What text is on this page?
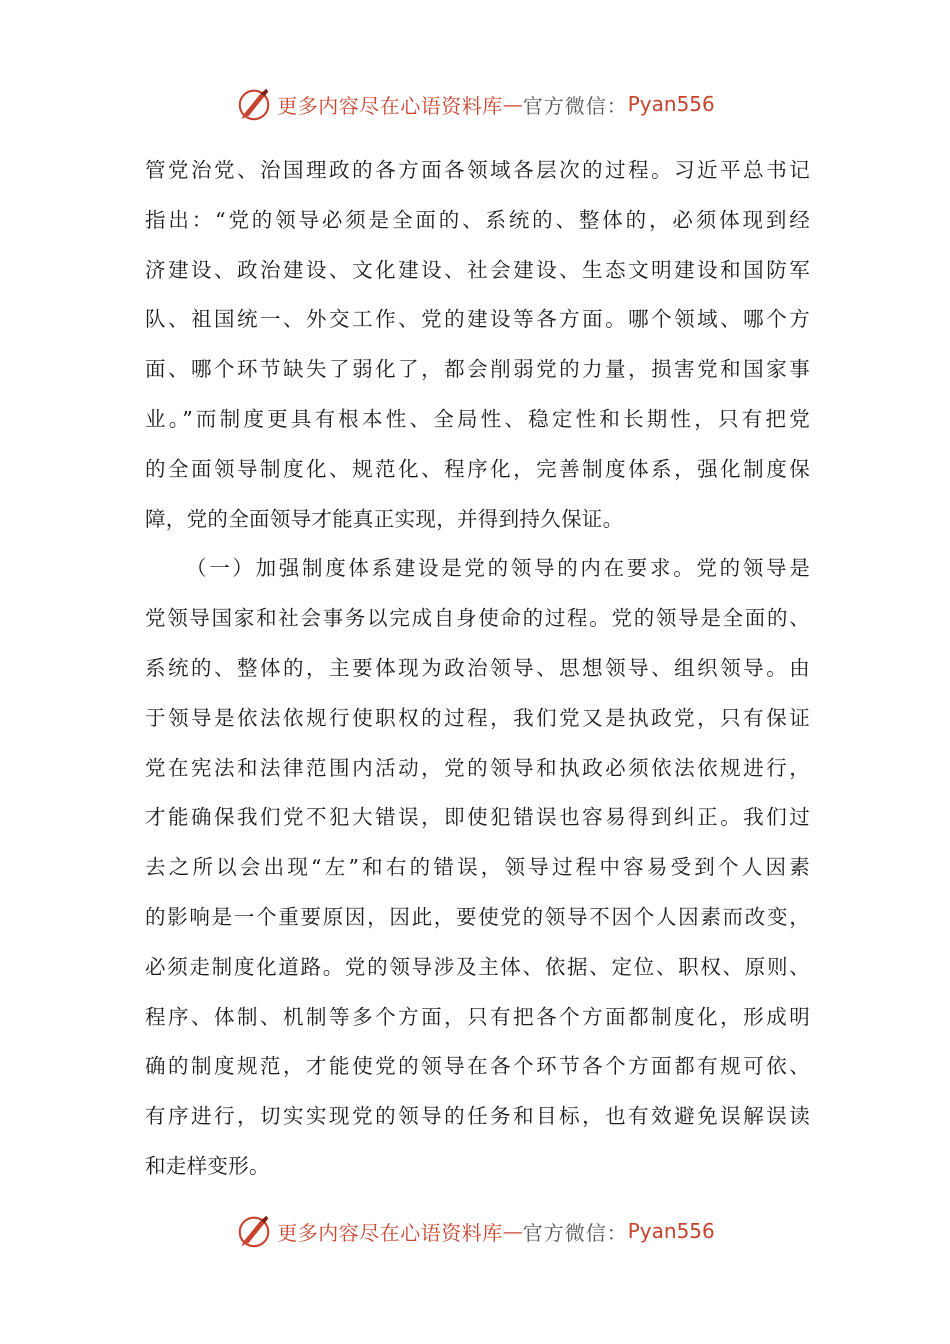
更多内容尽在心语资料库 — 官方微信： Pyan556
管党治党、治国理政的各方面各领域各层次的过程。习近平总书记
指出：“党的领导必须是全面的、系统的、整体的，必须体现到经
济建设、政治建设、文化建设、社会建设、生态文明建设和国防军
队、祖国统一、外交工作、党的建设等各方面。哪个领域、哪个方
面、哪个环节缺失了弱化了，都会削弱党的力量，损害党和国家事
业。”而制度更具有根本性、全局性、稳定性和长期性，只有把党
的全面领导制度化、规范化、程序化，完善制度体系，强化制度保
障，党的全面领导才能真正实现，并得到持久保证。
（一）加强制度体系建设是党的领导的内在要求。党的领导是
党领导国家和社会事务以完成自身使命的过程。党的领导是全面的、
系统的、整体的，主要体现为政治领导、思想领导、组织领导。由
于领导是依法依规行使职权的过程，我们党又是执政党，只有保证
党在宪法和法律范围内活动，党的领导和执政必须依法依规进行，
才能确保我们党不犯大错误，即使犯错误也容易得到纠正。我们过
去之所以会出现“左”和右的错误，领导过程中容易受到个人因素
的影响是一个重要原因，因此，要使党的领导不因个人因素而改变，
必须走制度化道路。党的领导涉及主体、依据、定位、职权、原则、
程序、体制、机制等多个方面，只有把各个方面都制度化，形成明
确的制度规范，才能使党的领导在各个环节各个方面都有规可依、
有序进行，切实实现党的领导的任务和目标，也有效避免误解误读
和走样变形。
更多内容尽在心语资料库 — 官方微信： Pyan556
